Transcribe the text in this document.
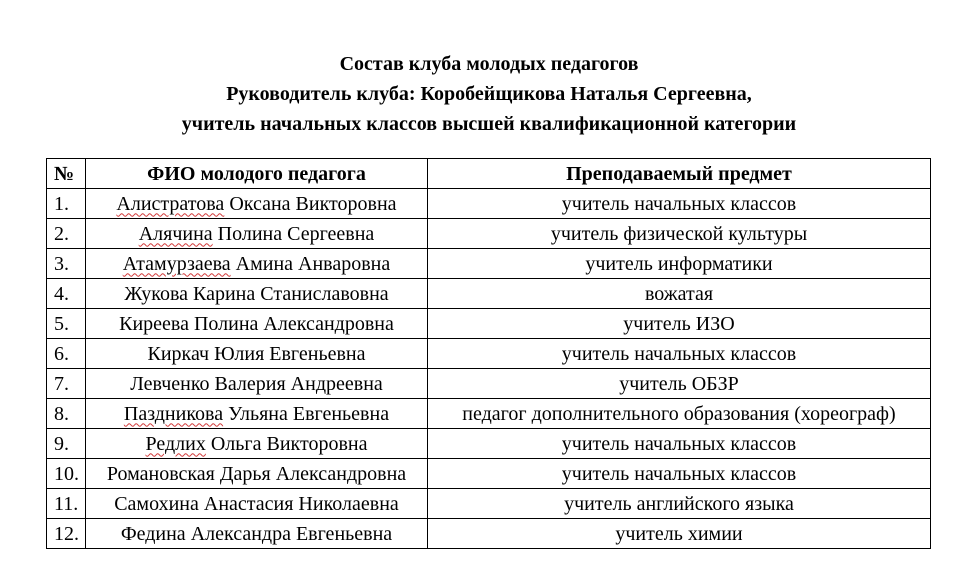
Состав клуба молодых педагогов
Руководитель клуба: Коробейщикова Наталья Сергеевна,
учитель начальных классов высшей квалификационной категории
№	ФИО молодого педагога	Преподаваемый предмет
1.	Алистратова Оксана Викторовна	учитель начальных классов
2.	Алячина Полина Сергеевна	учитель физической культуры
3.	Атамурзаева Амина Анваровна	учитель информатики
4.	Жукова Карина Станиславовна	вожатая
5.	Киреева Полина Александровна	учитель ИЗО
6.	Киркач Юлия Евгеньевна	учитель начальных классов
7.	Левченко Валерия Андреевна	учитель ОБЗР
8.	Паздникова Ульяна Евгеньевна	педагог дополнительного образования (хореограф)
9.	Редлих Ольга Викторовна	учитель начальных классов
10.	Романовская Дарья Александровна	учитель начальных классов
11.	Самохина Анастасия Николаевна	учитель английского языка
12.	Федина Александра Евгеньевна	учитель химии
